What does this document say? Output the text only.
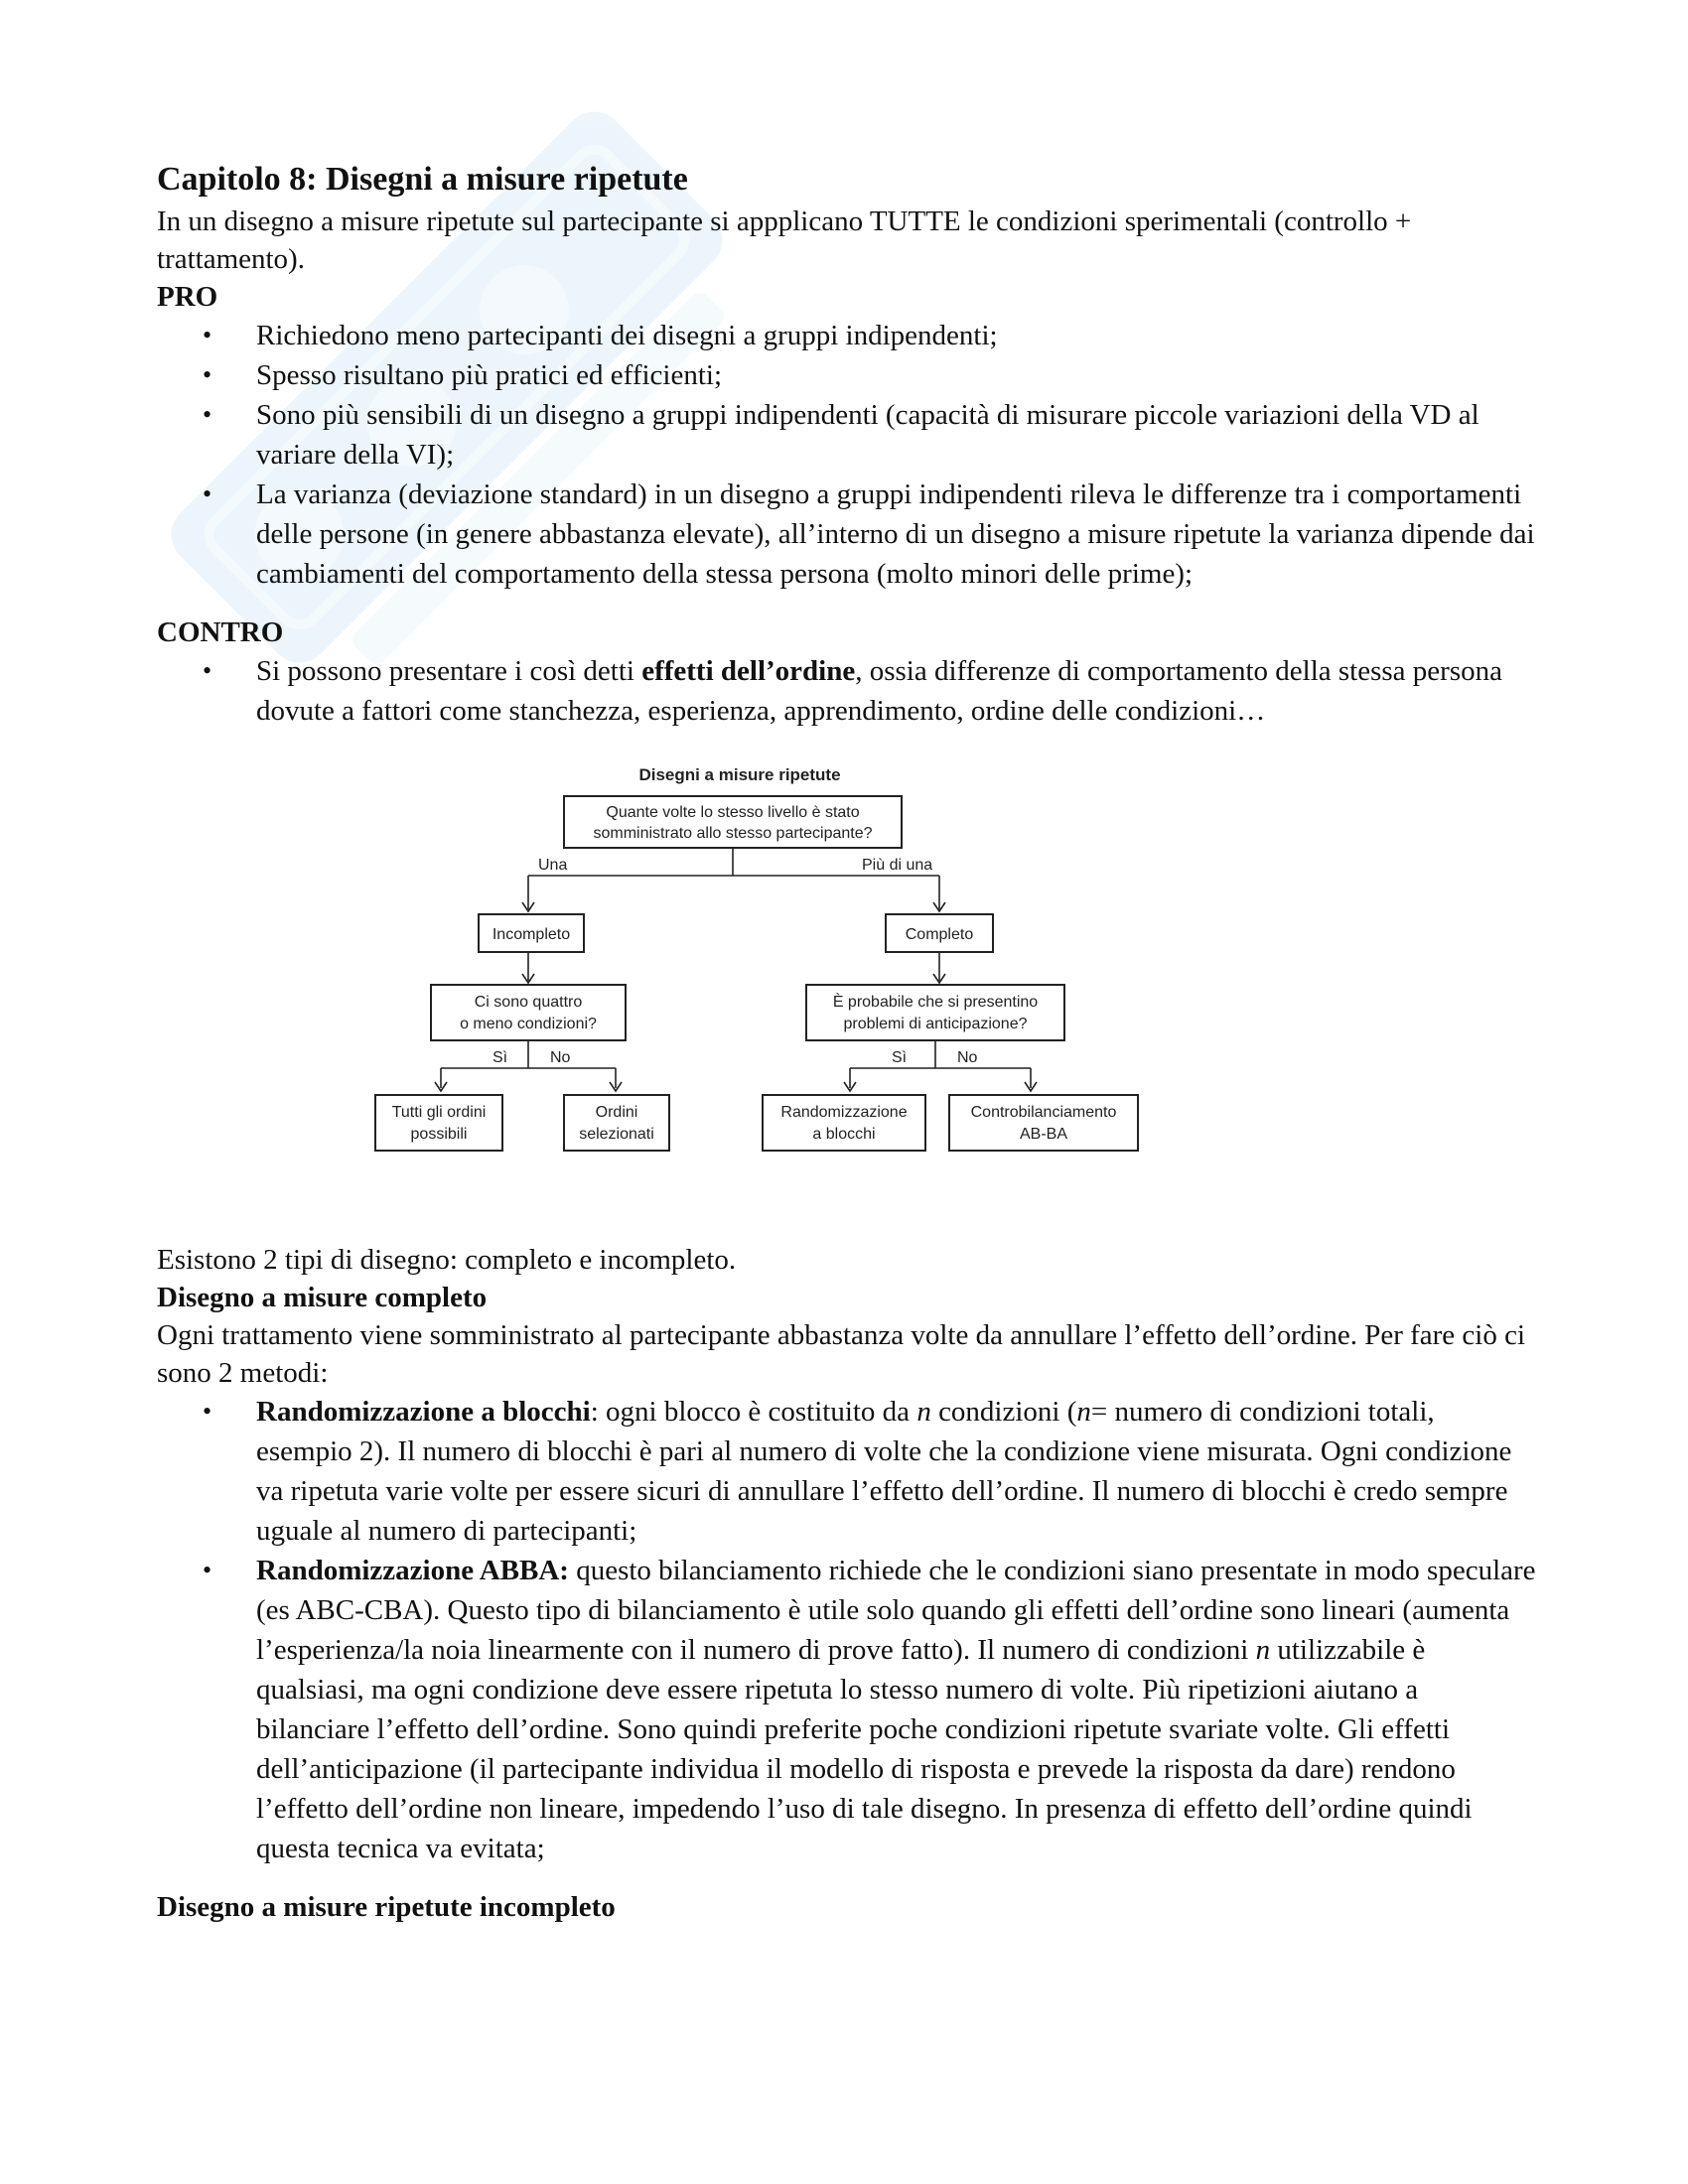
Capitolo 8: Disegni a misure ripetute

In un disegno a misure ripetute sul partecipante si appplicano TUTTE le condizioni sperimentali (controllo + trattamento).

PRO
• Richiedono meno partecipanti dei disegni a gruppi indipendenti;
• Spesso risultano più pratici ed efficienti;
• Sono più sensibili di un disegno a gruppi indipendenti (capacità di misurare piccole variazioni della VD al variare della VI);
• La varianza (deviazione standard) in un disegno a gruppi indipendenti rileva le differenze tra i comportamenti delle persone (in genere abbastanza elevate), all’interno di un disegno a misure ripetute la varianza dipende dai cambiamenti del comportamento della stessa persona (molto minori delle prime);
CONTRO
• Si possono presentare i così detti effetti dell’ordine, ossia differenze di comportamento della stessa persona dovute a fattori come stanchezza, esperienza, apprendimento, ordine delle condizioni…
Disegni a misure ripetute
Quante volte lo stesso livello è stato
somministrato allo stesso partecipante?
Una	Più di una
Incompleto	Completo
Ci sono quattro
o meno condizioni?
È probabile che si presentino
problemi di anticipazione?
Sì	No	Sì	No
Tutti gli ordini
possibili
Ordini
selezionati
Randomizzazione
a blocchi
Controbilanciamento
AB-BA

Esistono 2 tipi di disegno: completo e incompleto.

Disegno a misure completo

Ogni trattamento viene somministrato al partecipante abbastanza volte da annullare l’effetto dell’ordine. Per fare ciò ci sono 2 metodi:

• Randomizzazione a blocchi: ogni blocco è costituito da n condizioni (n= numero di condizioni totali, esempio 2). Il numero di blocchi è pari al numero di volte che la condizione viene misurata. Ogni condizione va ripetuta varie volte per essere sicuri di annullare l’effetto dell’ordine. Il numero di blocchi è credo sempre uguale al numero di partecipanti;
• Randomizzazione ABBA: questo bilanciamento richiede che le condizioni siano presentate in modo speculare (es ABC-CBA). Questo tipo di bilanciamento è utile solo quando gli effetti dell’ordine sono lineari (aumenta l’esperienza/la noia linearmente con il numero di prove fatto). Il numero di condizioni n utilizzabile è qualsiasi, ma ogni condizione deve essere ripetuta lo stesso numero di volte. Più ripetizioni aiutano a bilanciare l’effetto dell’ordine. Sono quindi preferite poche condizioni ripetute svariate volte. Gli effetti dell’anticipazione (il partecipante individua il modello di risposta e prevede la risposta da dare) rendono l’effetto dell’ordine non lineare, impedendo l’uso di tale disegno. In presenza di effetto dell’ordine quindi questa tecnica va evitata;
Disegno a misure ripetute incompleto
